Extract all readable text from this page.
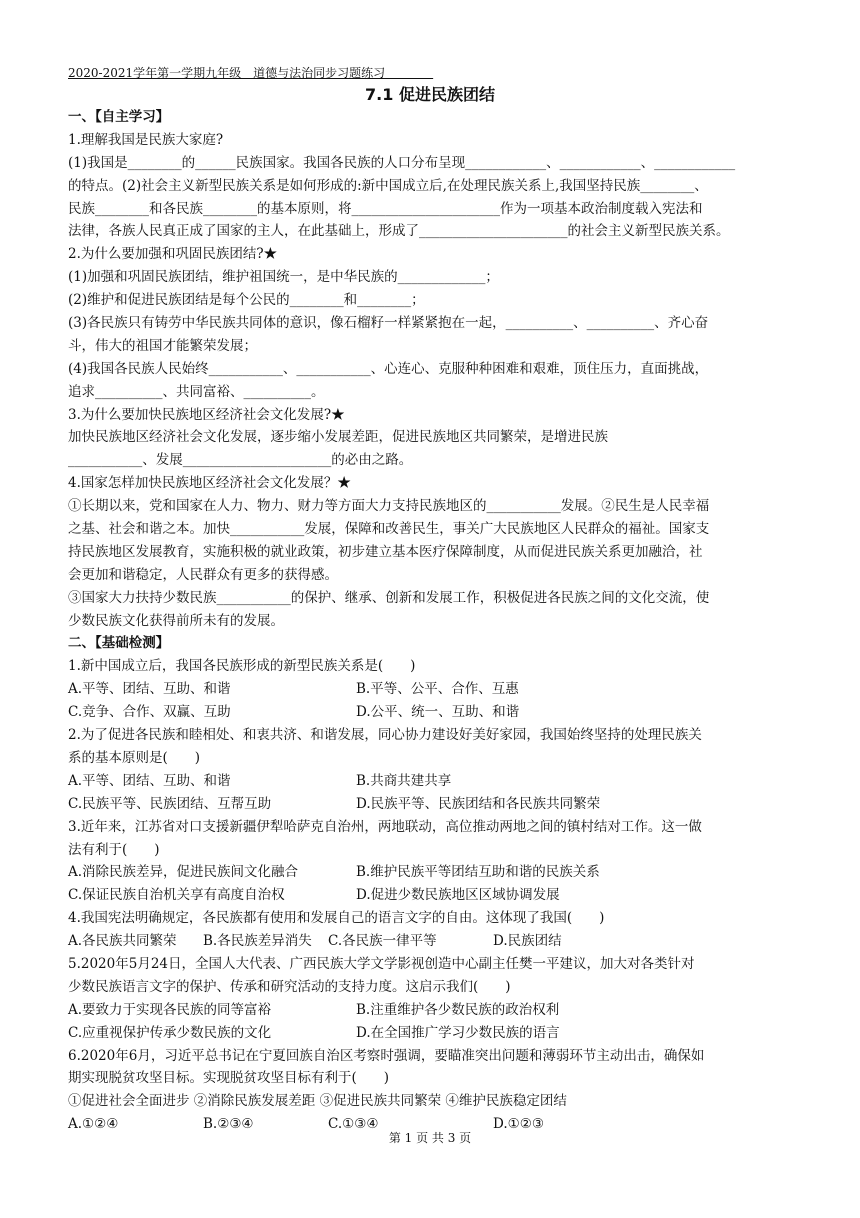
2020-2021学年第一学期九年级　道德与法治同步习题练习　　　　
7.1 促进民族团结
一、【自主学习】
1.理解我国是民族大家庭?
(1)我国是________的______民族国家。我国各民族的人口分布呈现____________、____________、____________
的特点。(2)社会主义新型民族关系是如何形成的:新中国成立后,在处理民族关系上,我国坚持民族________、
民族________和各民族________的基本原则，将______________________作为一项基本政治制度载入宪法和
法律，各族人民真正成了国家的主人，在此基础上，形成了______________________的社会主义新型民族关系。
2.为什么要加强和巩固民族团结?★
(1)加强和巩固民族团结，维护祖国统一，是中华民族的_____________；
(2)维护和促进民族团结是每个公民的________和________；
(3)各民族只有铸劳中华民族共同体的意识，像石榴籽一样紧紧抱在一起，__________、__________、齐心奋
斗，伟大的祖国才能繁荣发展；
(4)我国各民族人民始终___________、___________、心连心、克服种种困难和艰难，顶住压力，直面挑战，
追求__________、共同富裕、__________。
3.为什么要加快民族地区经济社会文化发展?★
加快民族地区经济社会文化发展，逐步缩小发展差距，促进民族地区共同繁荣，是增进民族
___________、发展______________________的必由之路。
4.国家怎样加快民族地区经济社会文化发展？★
①长期以来，党和国家在人力、物力、财力等方面大力支持民族地区的___________发展。②民生是人民幸福
之基、社会和谐之本。加快___________发展，保障和改善民生，事关广大民族地区人民群众的福祉。国家支
持民族地区发展教育，实施积极的就业政策，初步建立基本医疗保障制度，从而促进民族关系更加融洽，社
会更加和谐稳定，人民群众有更多的获得感。
③国家大力扶持少数民族___________的保护、继承、创新和发展工作，积极促进各民族之间的文化交流，使
少数民族文化获得前所未有的发展。
二、【基础检测】
1.新中国成立后，我国各民族形成的新型民族关系是(　　)
A.平等、团结、互助、和谐	B.平等、公平、合作、互惠
C.竞争、合作、双赢、互助	D.公平、统一、互助、和谐
2.为了促进各民族和睦相处、和衷共济、和谐发展，同心协力建设好美好家园，我国始终坚持的处理民族关
系的基本原则是(　　)
A.平等、团结、互助、和谐	B.共商共建共享
C.民族平等、民族团结、互帮互助	D.民族平等、民族团结和各民族共同繁荣
3.近年来，江苏省对口支援新疆伊犁哈萨克自治州，两地联动，高位推动两地之间的镇村结对工作。这一做
法有利于(　　)
A.消除民族差异，促进民族间文化融合	B.维护民族平等团结互助和谐的民族关系
C.保证民族自治机关享有高度自治权	D.促进少数民族地区区域协调发展
4.我国宪法明确规定，各民族都有使用和发展自己的语言文字的自由。这体现了我国(　　)
A.各民族共同繁荣	B.各民族差异消失	C.各民族一律平等	D.民族团结
5.2020年5月24日，全国人大代表、广西民族大学文学影视创造中心副主任樊一平建议，加大对各类针对
少数民族语言文字的保护、传承和研究活动的支持力度。这启示我们(　　)
A.要致力于实现各民族的同等富裕	B.注重维护各少数民族的政治权利
C.应重视保护传承少数民族的文化	D.在全国推广学习少数民族的语言
6.2020年6月，习近平总书记在宁夏回族自治区考察时强调，要瞄准突出问题和薄弱环节主动出击，确保如
期实现脱贫攻坚目标。实现脱贫攻坚目标有利于(　　)
①促进社会全面进步 ②消除民族发展差距 ③促进民族共同繁荣 ④维护民族稳定团结
A.①②④	B.②③④	C.①③④	D.①②③
第 1 页 共 3 页
